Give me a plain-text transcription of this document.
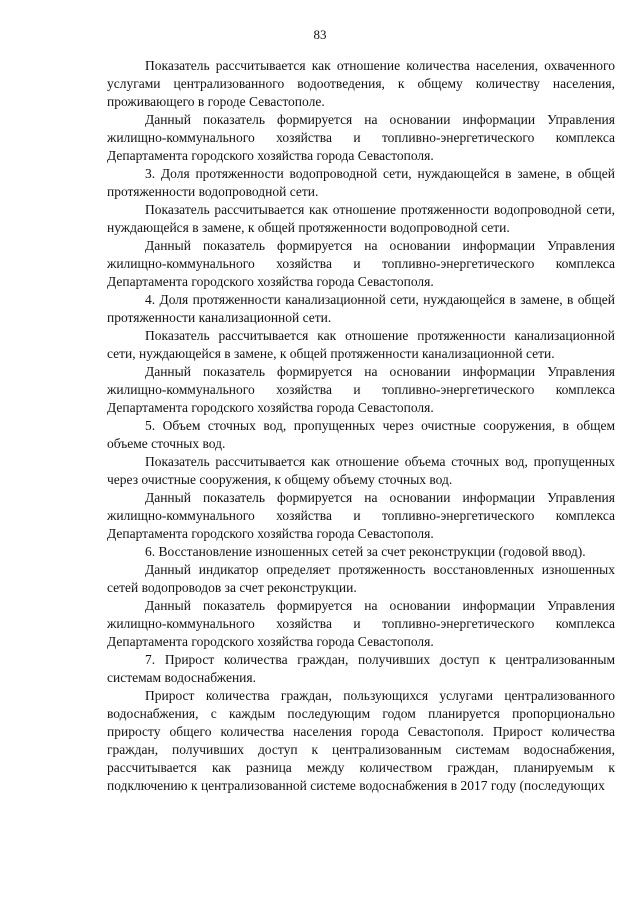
83

Показатель рассчитывается как отношение количества населения, охваченного услугами централизованного водоотведения, к общему количеству населения, проживающего в городе Севастополе.

Данный показатель формируется на основании информации Управления жилищно-коммунального хозяйства и топливно-энергетического комплекса Департамента городского хозяйства города Севастополя.

3. Доля протяженности водопроводной сети, нуждающейся в замене, в общей протяженности водопроводной сети.

Показатель рассчитывается как отношение протяженности водопроводной сети, нуждающейся в замене, к общей протяженности водопроводной сети.

Данный показатель формируется на основании информации Управления жилищно-коммунального хозяйства и топливно-энергетического комплекса Департамента городского хозяйства города Севастополя.

4. Доля протяженности канализационной сети, нуждающейся в замене, в общей протяженности канализационной сети.

Показатель рассчитывается как отношение протяженности канализационной сети, нуждающейся в замене, к общей протяженности канализационной сети.

Данный показатель формируется на основании информации Управления жилищно-коммунального хозяйства и топливно-энергетического комплекса Департамента городского хозяйства города Севастополя.

5. Объем сточных вод, пропущенных через очистные сооружения, в общем объеме сточных вод.

Показатель рассчитывается как отношение объема сточных вод, пропущенных через очистные сооружения, к общему объему сточных вод.

Данный показатель формируется на основании информации Управления жилищно-коммунального хозяйства и топливно-энергетического комплекса Департамента городского хозяйства города Севастополя.

6. Восстановление изношенных сетей за счет реконструкции (годовой ввод).

Данный индикатор определяет протяженность восстановленных изношенных сетей водопроводов за счет реконструкции.

Данный показатель формируется на основании информации Управления жилищно-коммунального хозяйства и топливно-энергетического комплекса Департамента городского хозяйства города Севастополя.

7. Прирост количества граждан, получивших доступ к централизованным системам водоснабжения.

Прирост количества граждан, пользующихся услугами централизованного водоснабжения, с каждым последующим годом планируется пропорционально приросту общего количества населения города Севастополя. Прирост количества граждан, получивших доступ к централизованным системам водоснабжения, рассчитывается как разница между количеством граждан, планируемым к подключению к централизованной системе водоснабжения в 2017 году (последующих
